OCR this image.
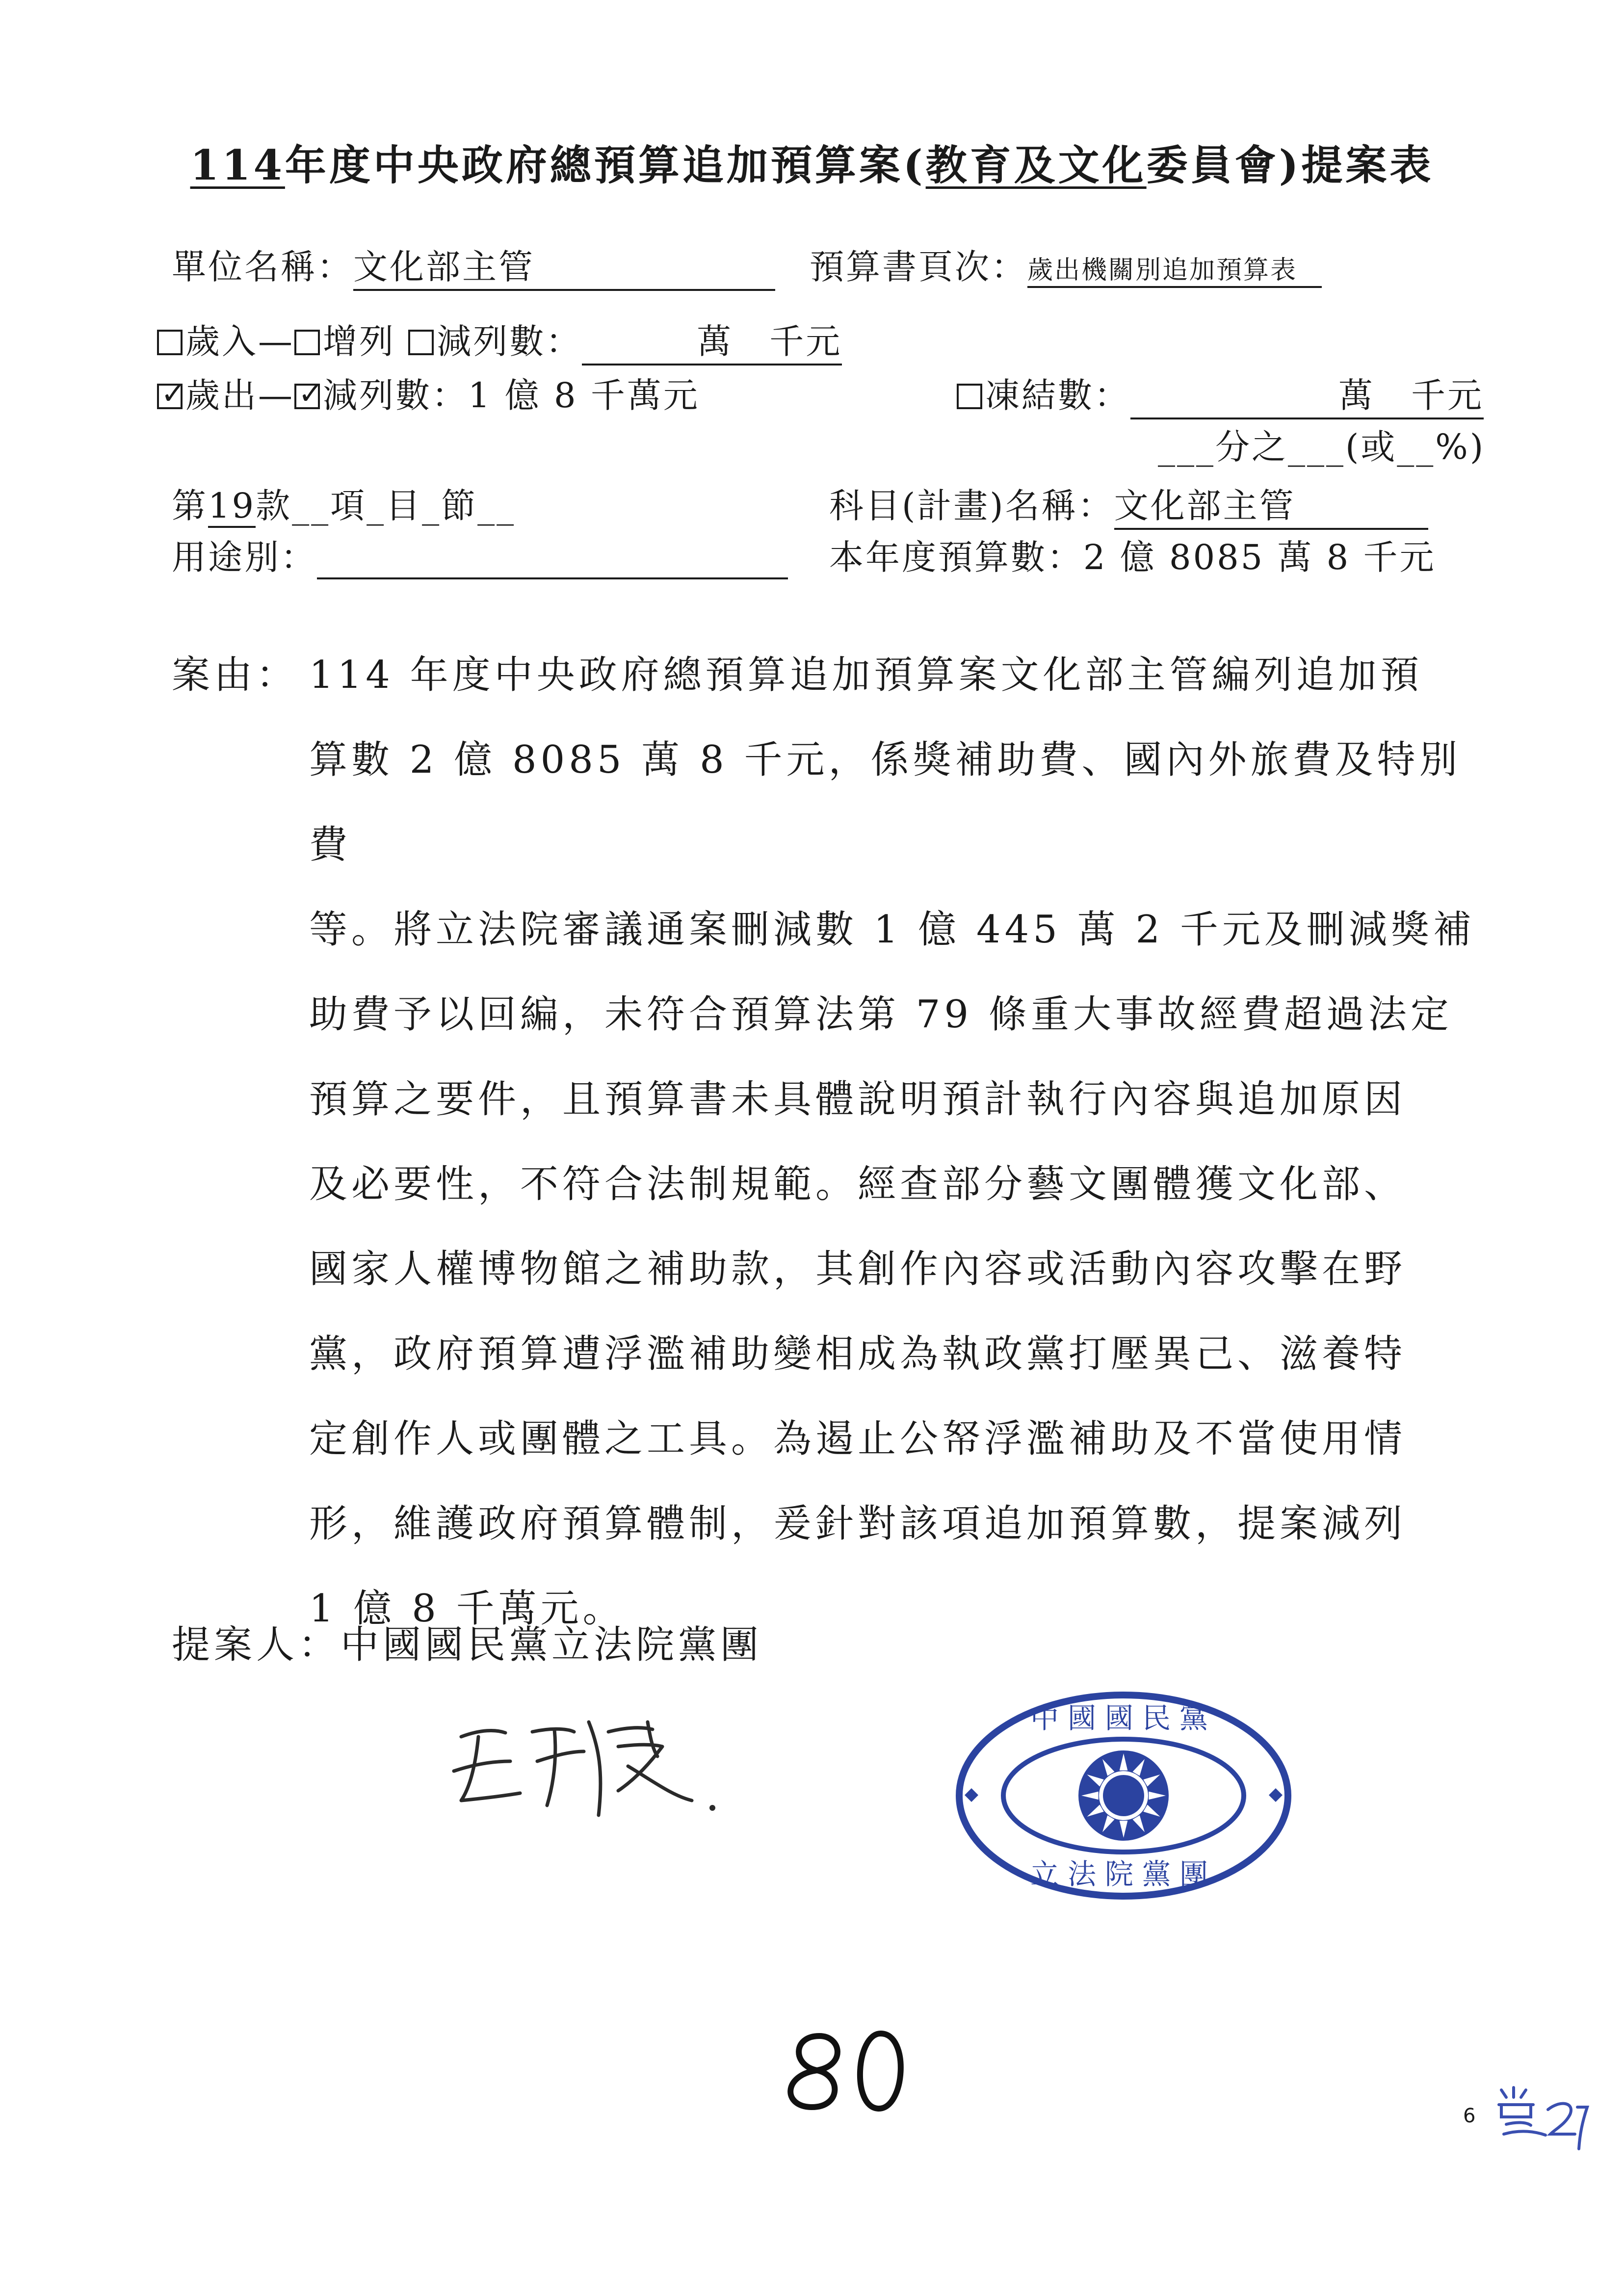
114年度中央政府總預算追加預算案(教育及文化委員會)提案表
單位名稱：文化部主管	預算書頁次：歲出機關別追加預算表
歲入— 增列 減列數：	萬　千元
✓歲出—✓ 減列數：1 億 8 千萬元	凍結數：	萬　千元
___分之___(或__%)
第19款__項_目_節__	科目(計畫)名稱：文化部主管
用途別：	本年度預算數：2 億 8085 萬 8 千元
案由： 114 年度中央政府總預算追加預算案文化部主管編列追加預

算數 2 億 8085 萬 8 千元，係獎補助費、國內外旅費及特別費

等。將立法院審議通案刪減數 1 億 445 萬 2 千元及刪減獎補

助費予以回編，未符合預算法第 79 條重大事故經費超過法定

預算之要件，且預算書未具體說明預計執行內容與追加原因

及必要性，不符合法制規範。經查部分藝文團體獲文化部、

國家人權博物館之補助款，其創作內容或活動內容攻擊在野

黨，政府預算遭浮濫補助變相成為執政黨打壓異己、滋養特

定創作人或團體之工具。為遏止公帑浮濫補助及不當使用情

形，維護政府預算體制，爰針對該項追加預算數，提案減列

1 億 8 千萬元。

提案人：中國國民黨立法院黨團
中國國民黨
立法院黨團
6
